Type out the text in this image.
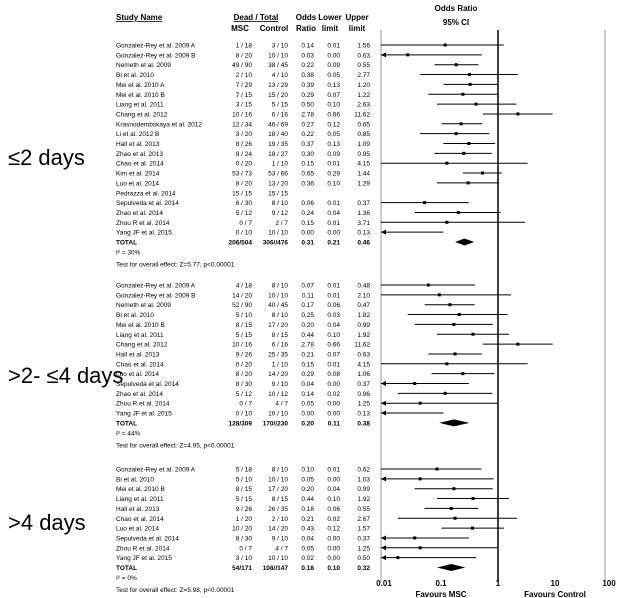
Odds Ratio
95% CI
Study Name	Dead / Total
MSC Control
Odds
Ratio
Lower
limit
Upper
limit
0.01	0.1	1	10	100
Favours MSC	Favours Control
≤2 days
Gonzalez-Rey et al. 2009 A	1 / 18	3 / 10 0.14 0.01	1.56
Gonzalez-Rey et al. 2009 B	8 / 20 10 / 10 0.03 0.00	0.63
Nemeth et al. 2009	49 / 90 38 / 45 0.22 0.09	0.55
Bi et al. 2010	2 / 10	4 / 10 0.38 0.05	2.77
Mei et al. 2010 A	7 / 29 13 / 29 0.39 0.13	1.20
Mei et al. 2010 B	7 / 15 15 / 20 0.29 0.07	1.22
Liang et al. 2011	3 / 15	5 / 15 0.50 0.10	2.63
Chang et al. 2012	10 / 16	6 / 16 2.78 0.66 11.62
Krasnodembskaya et al. 2012	12 / 34 46 / 69 0.27 0.12	0.65
Li et al. 2012 B	3 / 20 18 / 40 0.22 0.05	0.85
Hall et al. 2013	8 / 26 19 / 35 0.37 0.13	1.09
Zhao et al. 2013	9 / 24 18 / 27 0.30 0.09	0.95
Chao et al. 2014	0 / 20	1 / 10 0.15 0.01	4.15
Kim et al. 2014	53 / 73 53 / 66 0.65 0.29	1.44
Luo et al. 2014	8 / 20 13 / 20 0.36 0.10	1.29
Pedrazza et al. 2014	15 / 15 15 / 15
Sepulveda et al. 2014	6 / 30	8 / 10 0.06 0.01	0.37
Zhao et al. 2014	5 / 12	9 / 12 0.24 0.04	1.36
Zhou R et al. 2014	0 / 7	2 / 7 0.15 0.01	3.71
Yang JF et al. 2015	0 / 10 10 / 10 0.00 0.00	0.13
TOTAL	206/504 306//476 0.31 0.21	0.46
I² = 30%
Test for overall effect: Z=5.77, p<0.00001
>2- ≤4 days
Gonzalez-Rey et al. 2009 A	4 / 18	8 / 10 0.07 0.01	0.48
Gonzalez-Rey et al. 2009 B	14 / 20 10 / 10 0.11 0.01	2.10
Nemeth et al. 2009	52 / 90 40 / 45 0.17 0.06	0.47
Bi et al. 2010	5 / 10	8 / 10 0.25 0.03	1.82
Mei et al. 2010 B	8 / 15 17 / 20 0.20 0.04	0.99
Liang et al. 2011	5 / 15	8 / 15 0.44 0.10	1.92
Chang et al. 2012	10 / 16	6 / 16 2.78 0.66 11.62
Hall et al. 2013	9 / 26 25 / 35 0.21 0.07	0.63
Chao et al. 2014	0 / 20	1 / 10 0.15 0.01	4.15
Luo et al. 2014	8 / 20 14 / 20 0.29 0.08	1.06
Sepulveda et al. 2014	8 / 30	9 / 10 0.04 0.00	0.37
Zhao et al. 2014	5 / 12 10 / 12 0.14 0.02	0.96
Zhou R et al. 2014	0 / 7	4 / 7 0.05 0.00	1.25
Yang JF et al. 2015	0 / 10 10 / 10 0.00 0.00	0.13
TOTAL	128/309 170//230 0.20 0.11	0.38
I² = 44%
Test for overall effect: Z=4.95, p<0.00001
>4 days
Gonzalez-Rey et al. 2009 A	5 / 18	8 / 10 0.10 0.01	0.62
Bi et al. 2010	5 / 10 10 / 10 0.05 0.00	1.03
Mei et al. 2010 B	8 / 15 17 / 20 0.20 0.04	0.99
Liang et al. 2011	5 / 15	8 / 15 0.44 0.10	1.92
Hall et al. 2013	9 / 26 26 / 35 0.18 0.06	0.55
Chao et al. 2014	1 / 20	2 / 10 0.21 0.02	2.67
Luo et al. 2014	10 / 20 14 / 20 0.43 0.12	1.57
Sepulveda et al. 2014	8 / 30	9 / 10 0.04 0.00	0.37
Zhou R et al. 2014	0 / 7	4 / 7 0.05 0.00	1.25
Yang JF et al. 2015	3 / 10 10 / 10 0.02 0.00	0.50
TOTAL	54/171 108//147 0.18 0.10	0.32
I² = 0%
Test for overall effect: Z=5.98, p<0.00001
